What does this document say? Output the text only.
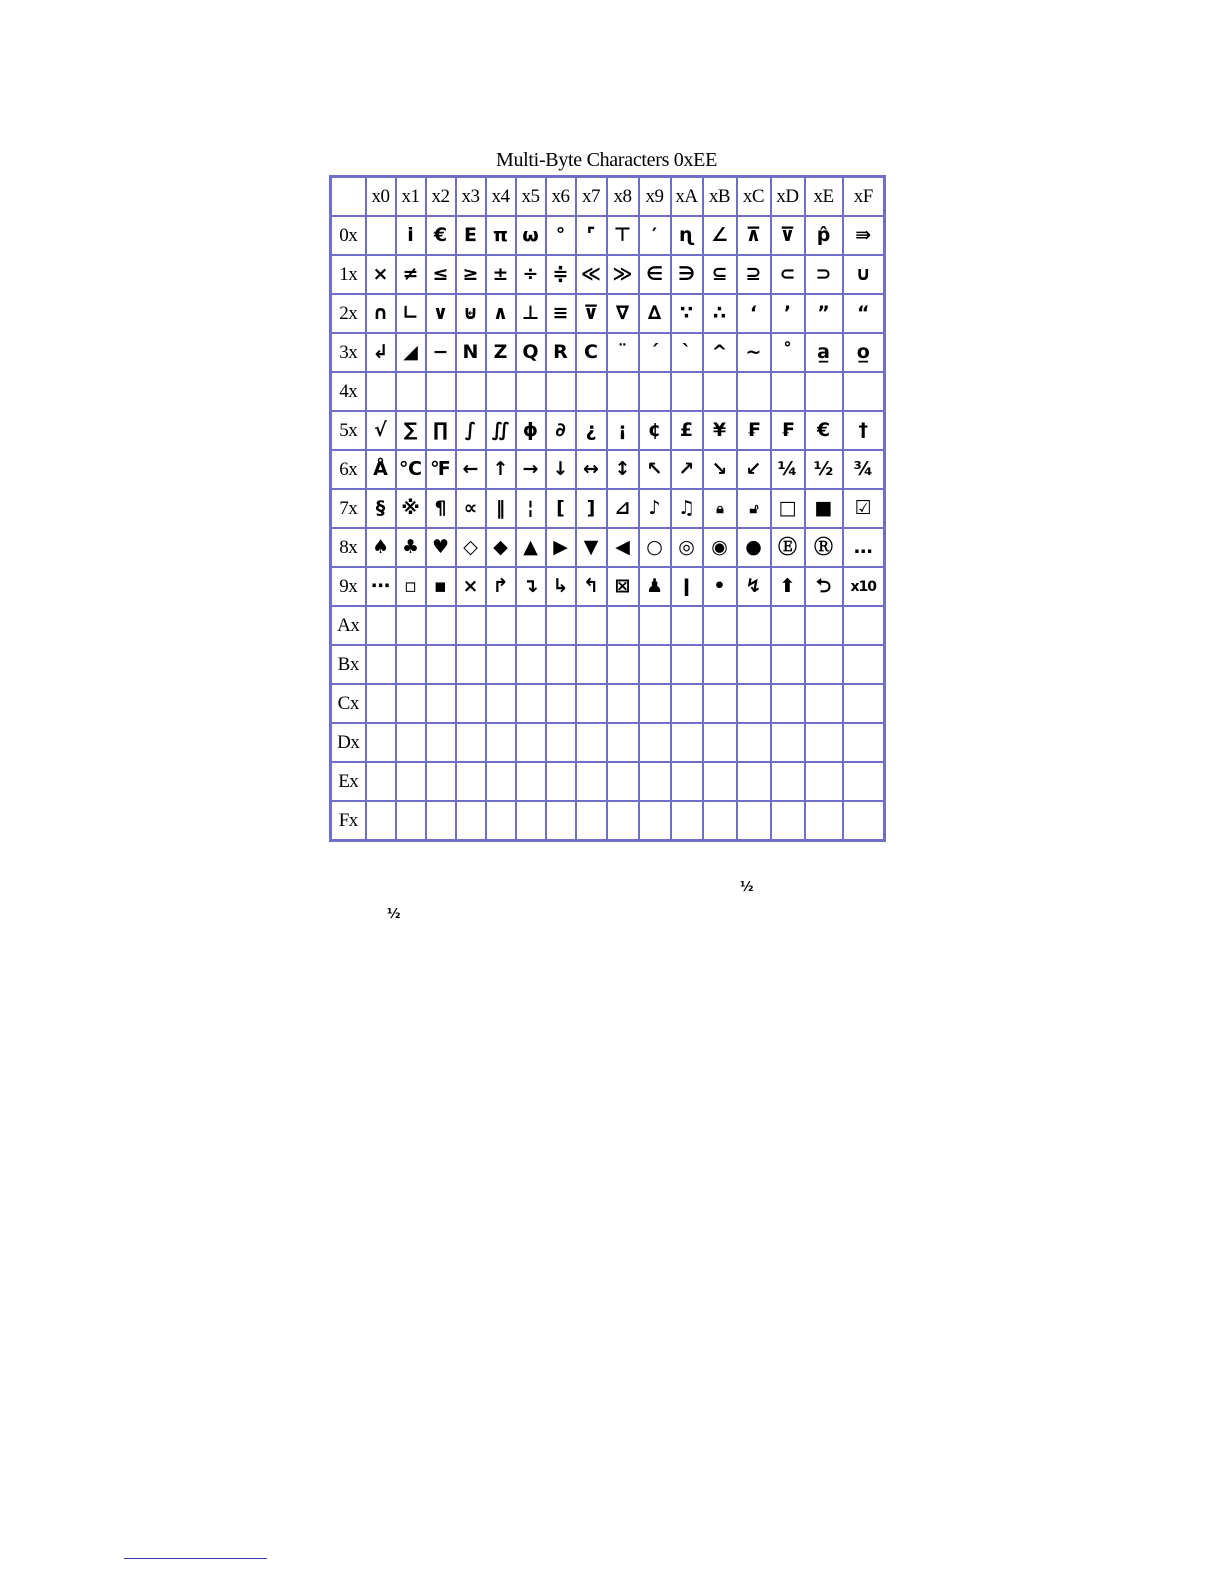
Multi-Byte Characters 0xEE
	x0	x1	x2	x3	x4	x5	x6	x7	x8	x9	xA	xB	xC	xD	xE	xF
0x		ⅰ	€	Ε	π	ω	°	⌜	⊤	′	ɳ	∠	⊼	⊽	p̂	⇛
1x	×	≠	≤	≥	±	÷	≑	≪	≫	∈	∋	⊆	⊇	⊂	⊃	∪
2x	∩	∟	∨	⊌	∧	⊥	≡	⊽	∇	∆	∵	∴	‘	’	”	“
3x	↲	◢	−	N	Z	Q	R	C	¨	´	`	^	~	˚	a̲	o̲
4x																
5x	√	∑	∏	∫	∬	ɸ	∂	¿	¡	¢	£	¥	₣	₣	€	†
6x	Å	℃	℉	←	↑	→	↓	↔	↕	↖	↗	↘	↙	¼	½	¾
7x	§	※	¶	∝	‖	¦	[	]	⊿	♪	♫	🔒︎	🔓︎	□	■	☑
8x	♠	♣	♥	◇	◆	▲	▶	▼	◀	○	◎	◉	●	Ⓔ	Ⓡ	…
9x	⋯	▫	▪	×	↱	↴	↳	↰	⊠	♟	ǀ	•	↯	⬆	⮌	x10
Ax																
Bx																
Cx																
Dx																
Ex																
Fx																
½
½
